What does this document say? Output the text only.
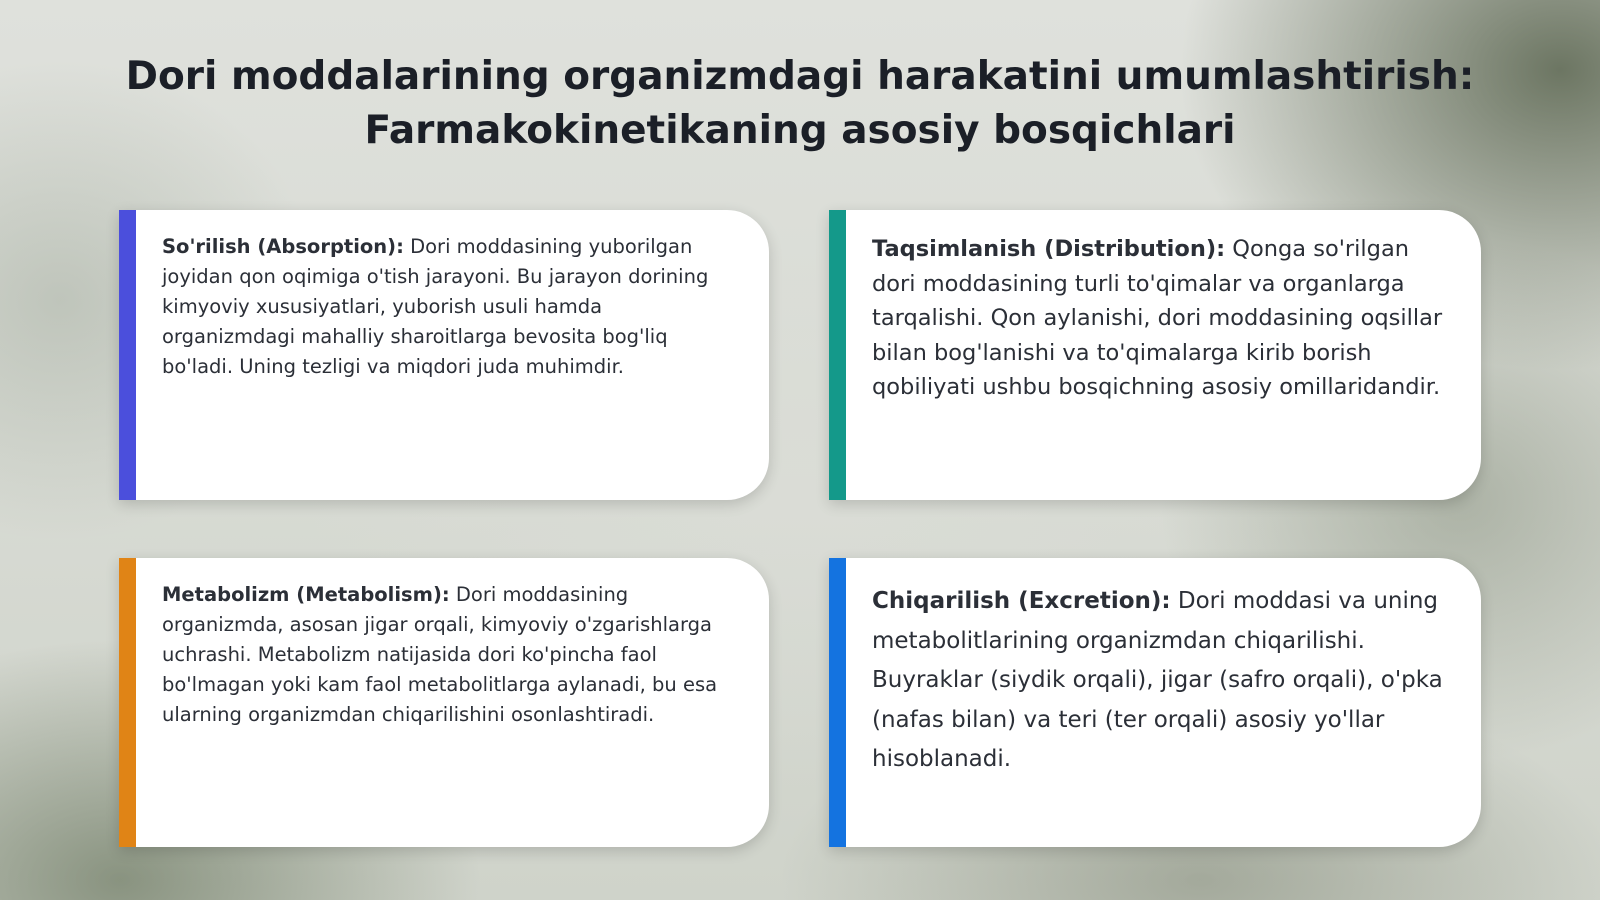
Dori moddalarining organizmdagi harakatini umumlashtirish:
Farmakokinetikaning asosiy bosqichlari

So'rilish (Absorption): Dori moddasining yuborilgan joyidan qon oqimiga o'tish jarayoni. Bu jarayon dorining kimyoviy xususiyatlari, yuborish usuli hamda organizmdagi mahalliy sharoitlarga bevosita bog'liq bo'ladi. Uning tezligi va miqdori juda muhimdir.

Taqsimlanish (Distribution): Qonga so'rilgan dori moddasining turli to'qimalar va organlarga tarqalishi. Qon aylanishi, dori moddasining oqsillar bilan bog'lanishi va to'qimalarga kirib borish qobiliyati ushbu bosqichning asosiy omillaridandir.

Metabolizm (Metabolism): Dori moddasining organizmda, asosan jigar orqali, kimyoviy o'zgarishlarga uchrashi. Metabolizm natijasida dori ko'pincha faol bo'lmagan yoki kam faol metabolitlarga aylanadi, bu esa ularning organizmdan chiqarilishini osonlashtiradi.

Chiqarilish (Excretion): Dori moddasi va uning metabolitlarining organizmdan chiqarilishi. Buyraklar (siydik orqali), jigar (safro orqali), o'pka (nafas bilan) va teri (ter orqali) asosiy yo'llar hisoblanadi.
